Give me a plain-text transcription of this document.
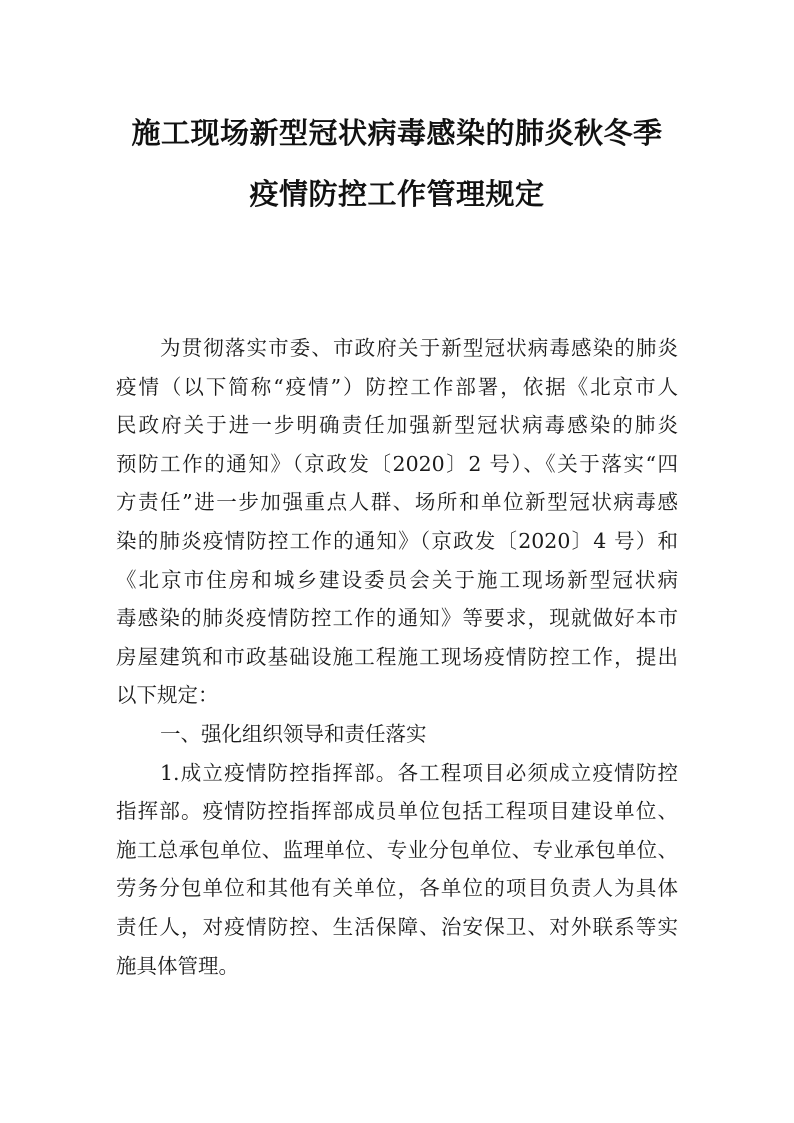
施工现场新型冠状病毒感染的肺炎秋冬季
疫情防控工作管理规定
为贯彻落实市委、市政府关于新型冠状病毒感染的肺炎
疫情（以下简称“疫情”）防控工作部署，依据《北京市人
民政府关于进一步明确责任加强新型冠状病毒感染的肺炎
预防工作的通知》（京政发〔2020〕2 号）、《关于落实“四
方责任”进一步加强重点人群、场所和单位新型冠状病毒感
染的肺炎疫情防控工作的通知》（京政发〔2020〕4 号）和
《北京市住房和城乡建设委员会关于施工现场新型冠状病
毒感染的肺炎疫情防控工作的通知》等要求，现就做好本市
房屋建筑和市政基础设施工程施工现场疫情防控工作，提出
以下规定：
一、强化组织领导和责任落实
1.成立疫情防控指挥部。各工程项目必须成立疫情防控
指挥部。疫情防控指挥部成员单位包括工程项目建设单位、
施工总承包单位、监理单位、专业分包单位、专业承包单位、
劳务分包单位和其他有关单位，各单位的项目负责人为具体
责任人，对疫情防控、生活保障、治安保卫、对外联系等实
施具体管理。
